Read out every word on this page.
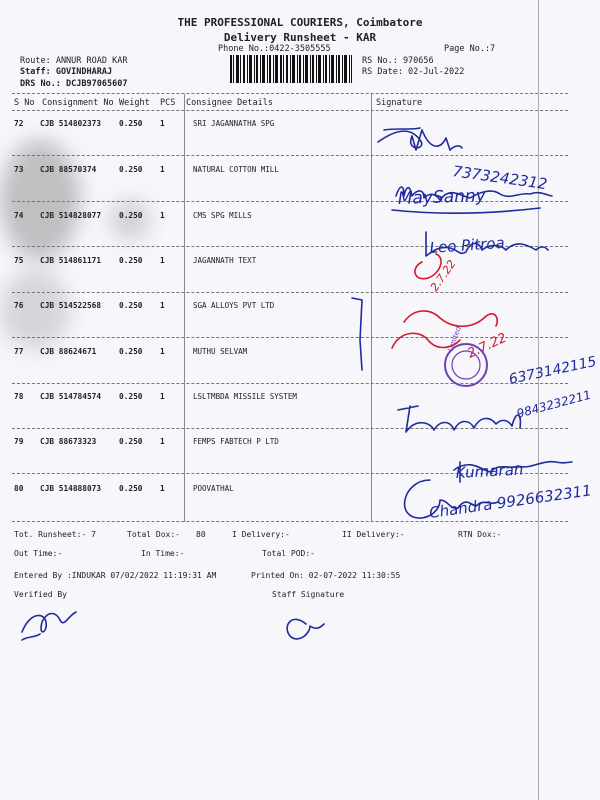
THE PROFESSIONAL COURIERS, Coimbatore
Delivery Runsheet - KAR
Phone No.:0422-3505555	Page No.:7
Route: ANNUR ROAD KAR
Staff: GOVINDHARAJ
DRS No.: DCJB97065607
RS No.: 970656
RS Date: 02-Jul-2022
S No Consignment No Weight PCS Consignee Details	Signature
72 CJB 514802373 0.250 1	SRI JAGANNATHA SPG
73 CJB 88570374	0.250 1	NATURAL COTTON MILL
74 CJB 514828077 0.250 1	CMS SPG MILLS
75 CJB 514861171 0.250 1	JAGANNATH TEXT
76 CJB 514522568 0.250 1	SGA ALLOYS PVT LTD
77 CJB 88624671	0.250 1	MUTHU SELVAM
78 CJB 514784574 0.250 1	LSLTMBDA MISSILE SYSTEM
79 CJB 88673323	0.250 1	FEMPS FABTECH P LTD
80 CJB 514888073 0.250 1	POOVATHAL
Tot. Runsheet:- 7	Total Dox:- 80	I Delivery:-	II Delivery:-	RTN Dox:-
Out Time:-	In Time:-	Total POD:-
Entered By :INDUKAR 07/02/2022 11:19:31 AM	Printed On: 02-07-2022 11:30:55
Verified By	Staff Signature
7373242312
MaySanny
Leo Pitroa
6373142115
9843232211
Kumaran
Chandra 9926632311
2.7.22
2.7.22
Limited
